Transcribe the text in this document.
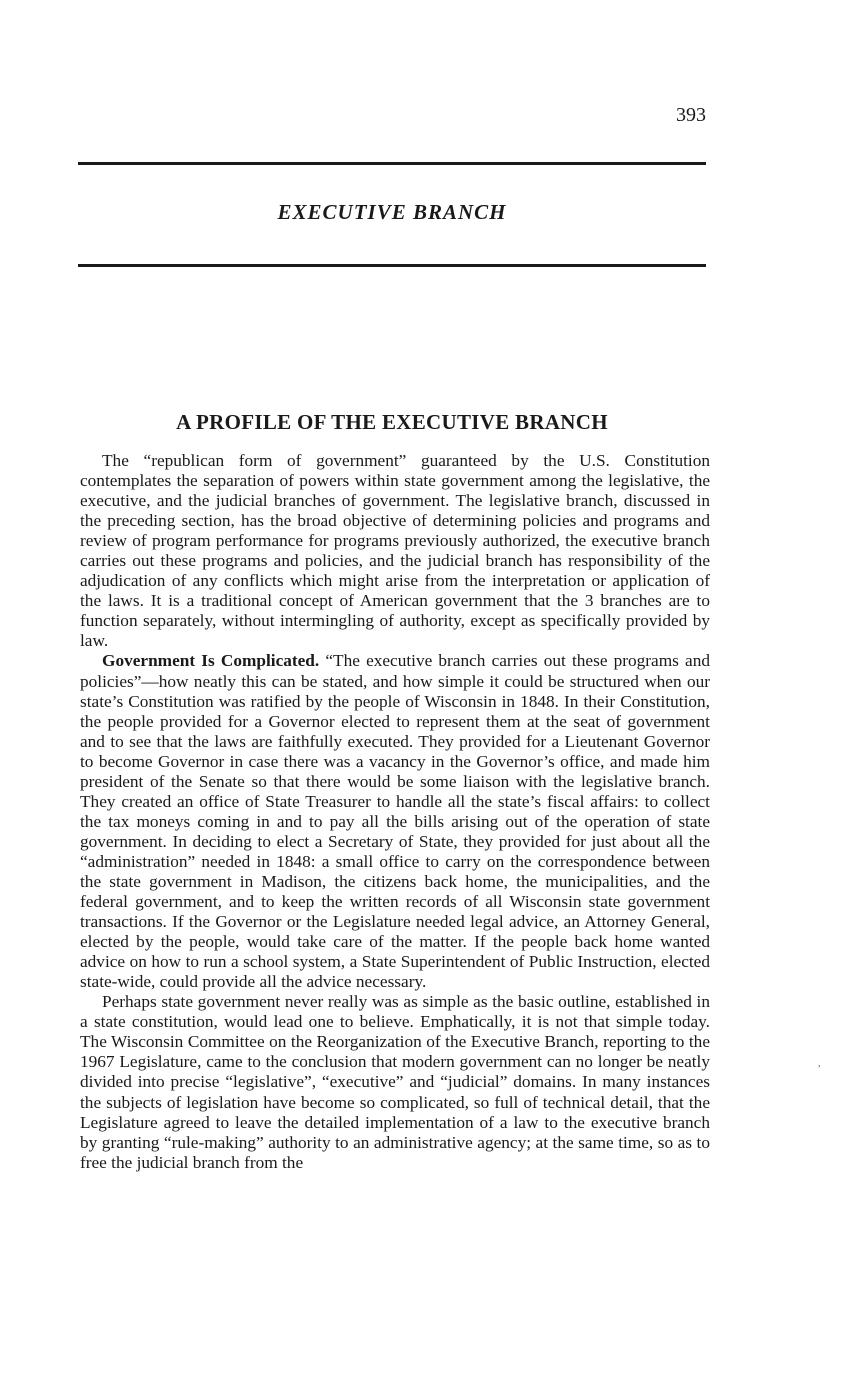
393
EXECUTIVE BRANCH
A PROFILE OF THE EXECUTIVE BRANCH

The “republican form of government” guaranteed by the U.S. Constitution contemplates the separation of powers within state government among the legislative, the executive, and the judicial branches of government. The legislative branch, discussed in the preceding section, has the broad objective of determining policies and programs and review of program performance for programs previously authorized, the executive branch carries out these programs and policies, and the judicial branch has responsibility of the adjudication of any conflicts which might arise from the interpretation or application of the laws. It is a traditional concept of American government that the 3 branches are to function separately, without intermingling of authority, except as specifically provided by law.

Government Is Complicated. “The executive branch carries out these programs and policies”—how neatly this can be stated, and how simple it could be structured when our state’s Constitution was ratified by the people of Wisconsin in 1848. In their Constitution, the people provided for a Governor elected to represent them at the seat of government and to see that the laws are faithfully executed. They provided for a Lieutenant Governor to become Governor in case there was a vacancy in the Governor’s office, and made him president of the Senate so that there would be some liaison with the legislative branch. They created an office of State Treasurer to handle all the state’s fiscal affairs: to collect the tax moneys coming in and to pay all the bills arising out of the operation of state government. In deciding to elect a Secretary of State, they provided for just about all the “administration” needed in 1848: a small office to carry on the correspondence between the state government in Madison, the citizens back home, the municipalities, and the federal government, and to keep the written records of all Wisconsin state government transactions. If the Governor or the Legislature needed legal advice, an Attorney General, elected by the people, would take care of the matter. If the people back home wanted advice on how to run a school system, a State Superintendent of Public Instruction, elected state-wide, could provide all the advice necessary.

Perhaps state government never really was as simple as the basic outline, established in a state constitution, would lead one to believe. Emphatically, it is not that simple today. The Wisconsin Committee on the Reorganization of the Executive Branch, reporting to the 1967 Legislature, came to the conclusion that modern government can no longer be neatly divided into precise “legislative”, “executive” and “judicial” domains. In many instances the subjects of legislation have become so complicated, so full of technical detail, that the Legislature agreed to leave the detailed implementation of a law to the executive branch by granting “rule-making” authority to an administrative agency; at the same time, so as to free the judicial branch from the

,
